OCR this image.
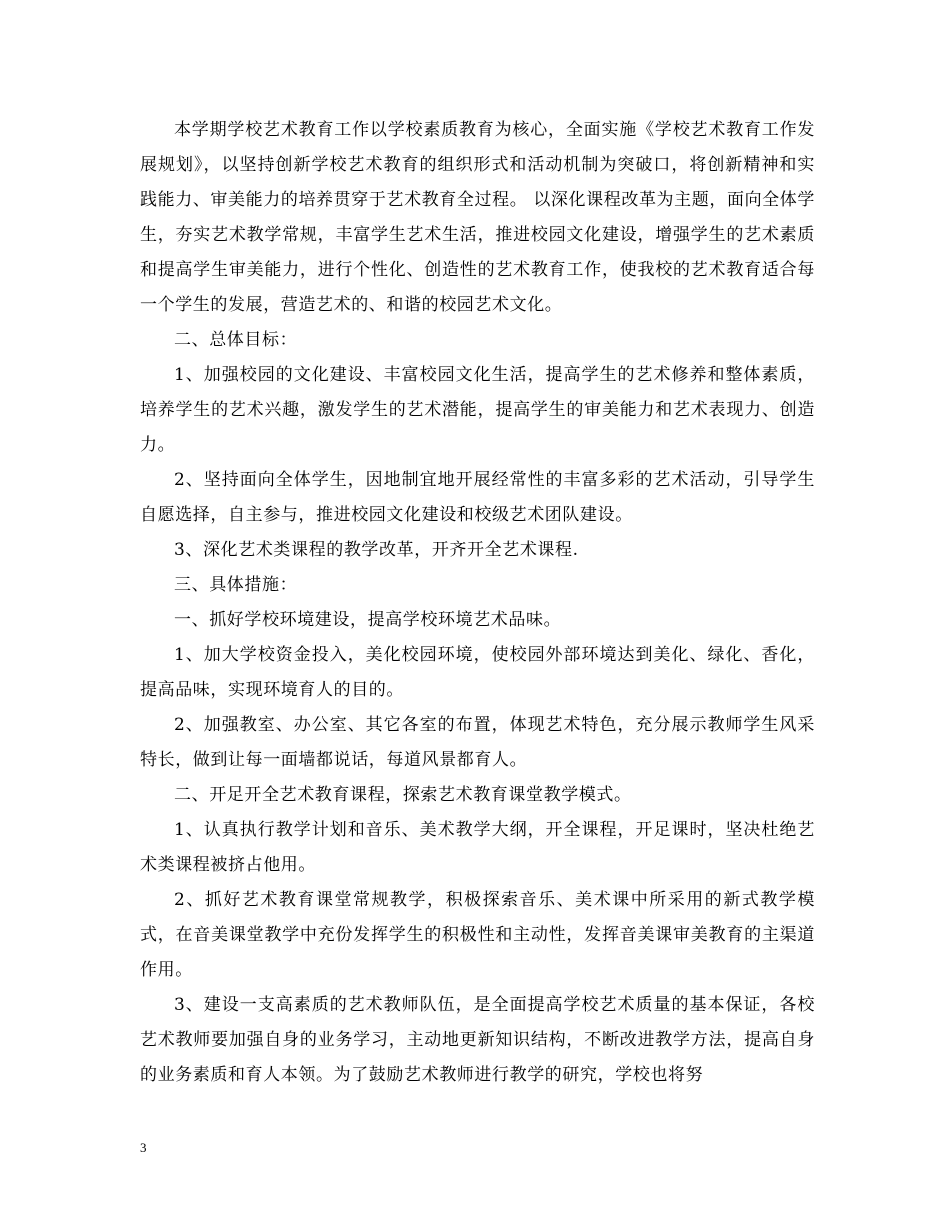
本学期学校艺术教育工作以学校素质教育为核心，全面实施《学校艺术教育工作发展规划》，以坚持创新学校艺术教育的组织形式和活动机制为突破口，将创新精神和实践能力、审美能力的培养贯穿于艺术教育全过程。 以深化课程改革为主题，面向全体学生，夯实艺术教学常规，丰富学生艺术生活，推进校园文化建设，增强学生的艺术素质和提高学生审美能力，进行个性化、创造性的艺术教育工作，使我校的艺术教育适合每一个学生的发展，营造艺术的、和谐的校园艺术文化。

二、总体目标：

1、加强校园的文化建设、丰富校园文化生活，提高学生的艺术修养和整体素质，培养学生的艺术兴趣，激发学生的艺术潜能，提高学生的审美能力和艺术表现力、创造力。

2、坚持面向全体学生，因地制宜地开展经常性的丰富多彩的艺术活动，引导学生自愿选择，自主参与，推进校园文化建设和校级艺术团队建设。

3、深化艺术类课程的教学改革，开齐开全艺术课程.

三、具体措施：

一、抓好学校环境建设，提高学校环境艺术品味。

1、加大学校资金投入，美化校园环境，使校园外部环境达到美化、绿化、香化，提高品味，实现环境育人的目的。

2、加强教室、办公室、其它各室的布置，体现艺术特色，充分展示教师学生风采特长，做到让每一面墙都说话，每道风景都育人。

二、开足开全艺术教育课程，探索艺术教育课堂教学模式。

1、认真执行教学计划和音乐、美术教学大纲，开全课程，开足课时，坚决杜绝艺术类课程被挤占他用。

2、抓好艺术教育课堂常规教学，积极探索音乐、美术课中所采用的新式教学模式，在音美课堂教学中充份发挥学生的积极性和主动性，发挥音美课审美教育的主渠道作用。

3、建设一支高素质的艺术教师队伍，是全面提高学校艺术质量的基本保证，各校艺术教师要加强自身的业务学习，主动地更新知识结构，不断改进教学方法，提高自身的业务素质和育人本领。为了鼓励艺术教师进行教学的研究，学校也将努

3
